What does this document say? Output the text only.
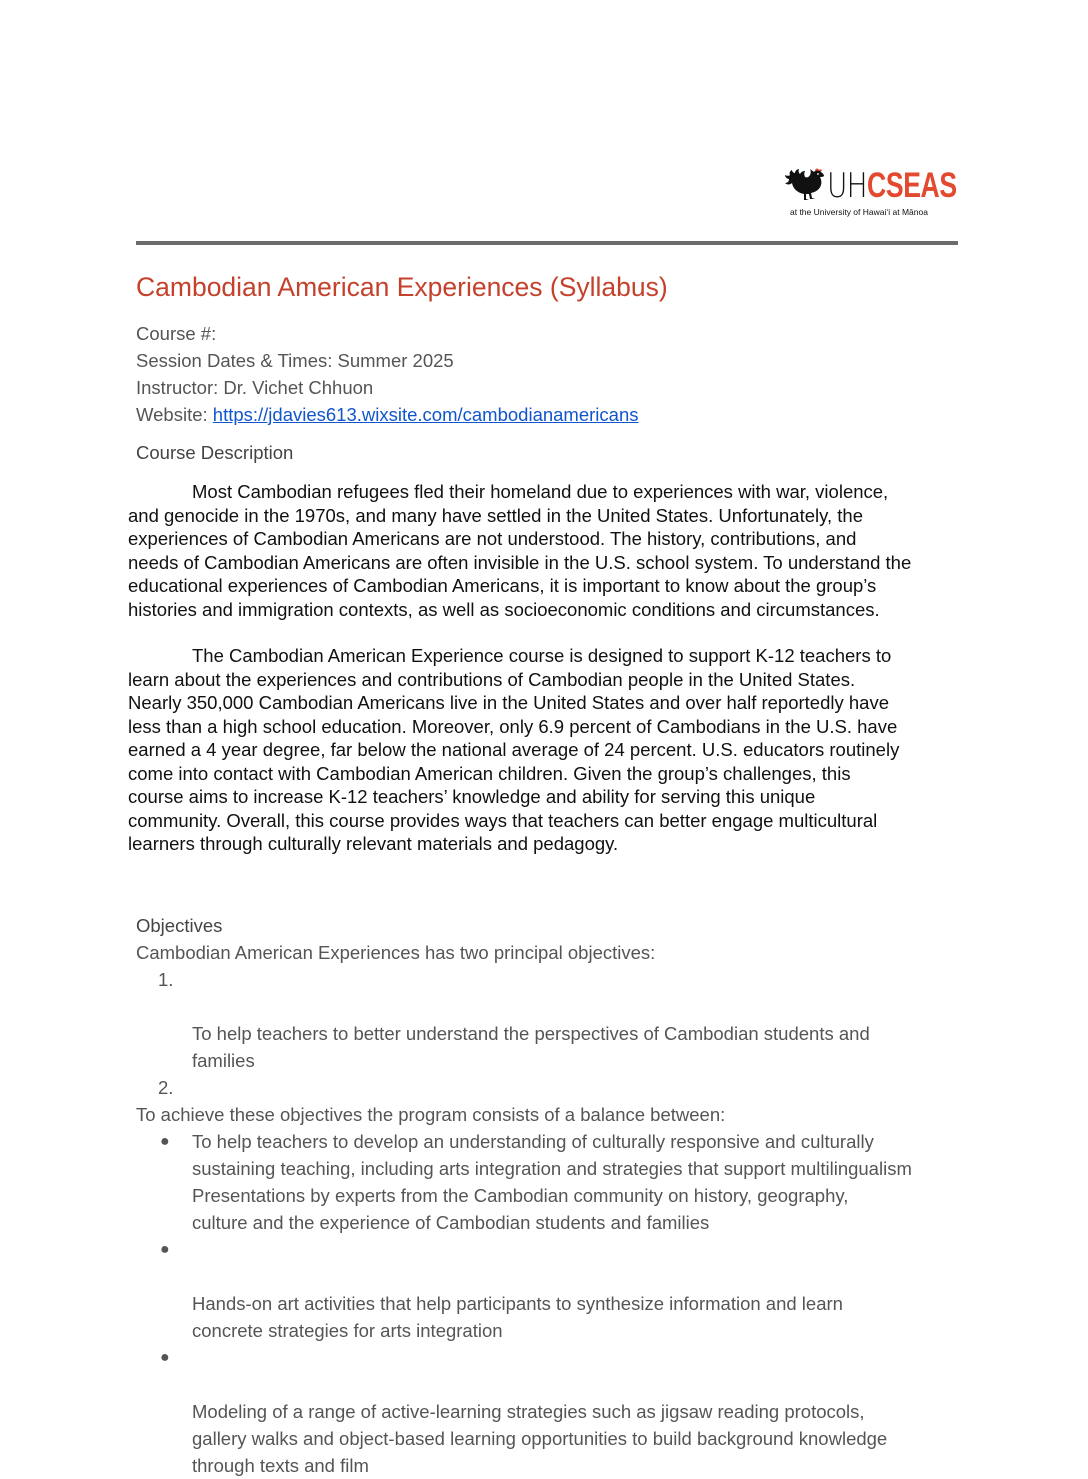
UH CSEAS
at the University of Hawai‘i at Mānoa
Cambodian American Experiences (Syllabus)
Course #:
Session Dates & Times: Summer 2025
Instructor: Dr. Vichet Chhuon
Website: https://jdavies613.wixsite.com/cambodianamericans
Course Description

Most Cambodian refugees fled their homeland due to experiences with war, violence,
and genocide in the 1970s, and many have settled in the United States. Unfortunately, the
experiences of Cambodian Americans are not understood. The history, contributions, and
needs of Cambodian Americans are often invisible in the U.S. school system. To understand the
educational experiences of Cambodian Americans, it is important to know about the group’s
histories and immigration contexts, as well as socioeconomic conditions and circumstances.

The Cambodian American Experience course is designed to support K-12 teachers to
learn about the experiences and contributions of Cambodian people in the United States.
Nearly 350,000 Cambodian Americans live in the United States and over half reportedly have
less than a high school education. Moreover, only 6.9 percent of Cambodians in the U.S. have
earned a 4 year degree, far below the national average of 24 percent. U.S. educators routinely
come into contact with Cambodian American children. Given the group’s challenges, this
course aims to increase K-12 teachers’ knowledge and ability for serving this unique
community. Overall, this course provides ways that teachers can better engage multicultural
learners through culturally relevant materials and pedagogy.

Objectives
Cambodian American Experiences has two principal objectives:

1.

To help teachers to better understand the perspectives of Cambodian students and
families

2.

To help teachers to develop an understanding of culturally responsive and culturally
sustaining teaching, including arts integration and strategies that support multilingualism

To achieve these objectives the program consists of a balance between:

●

Presentations by experts from the Cambodian community on history, geography,
culture and the experience of Cambodian students and families

●

Hands-on art activities that help participants to synthesize information and learn
concrete strategies for arts integration

●

Modeling of a range of active-learning strategies such as jigsaw reading protocols,
gallery walks and object-based learning opportunities to build background knowledge
through texts and film
